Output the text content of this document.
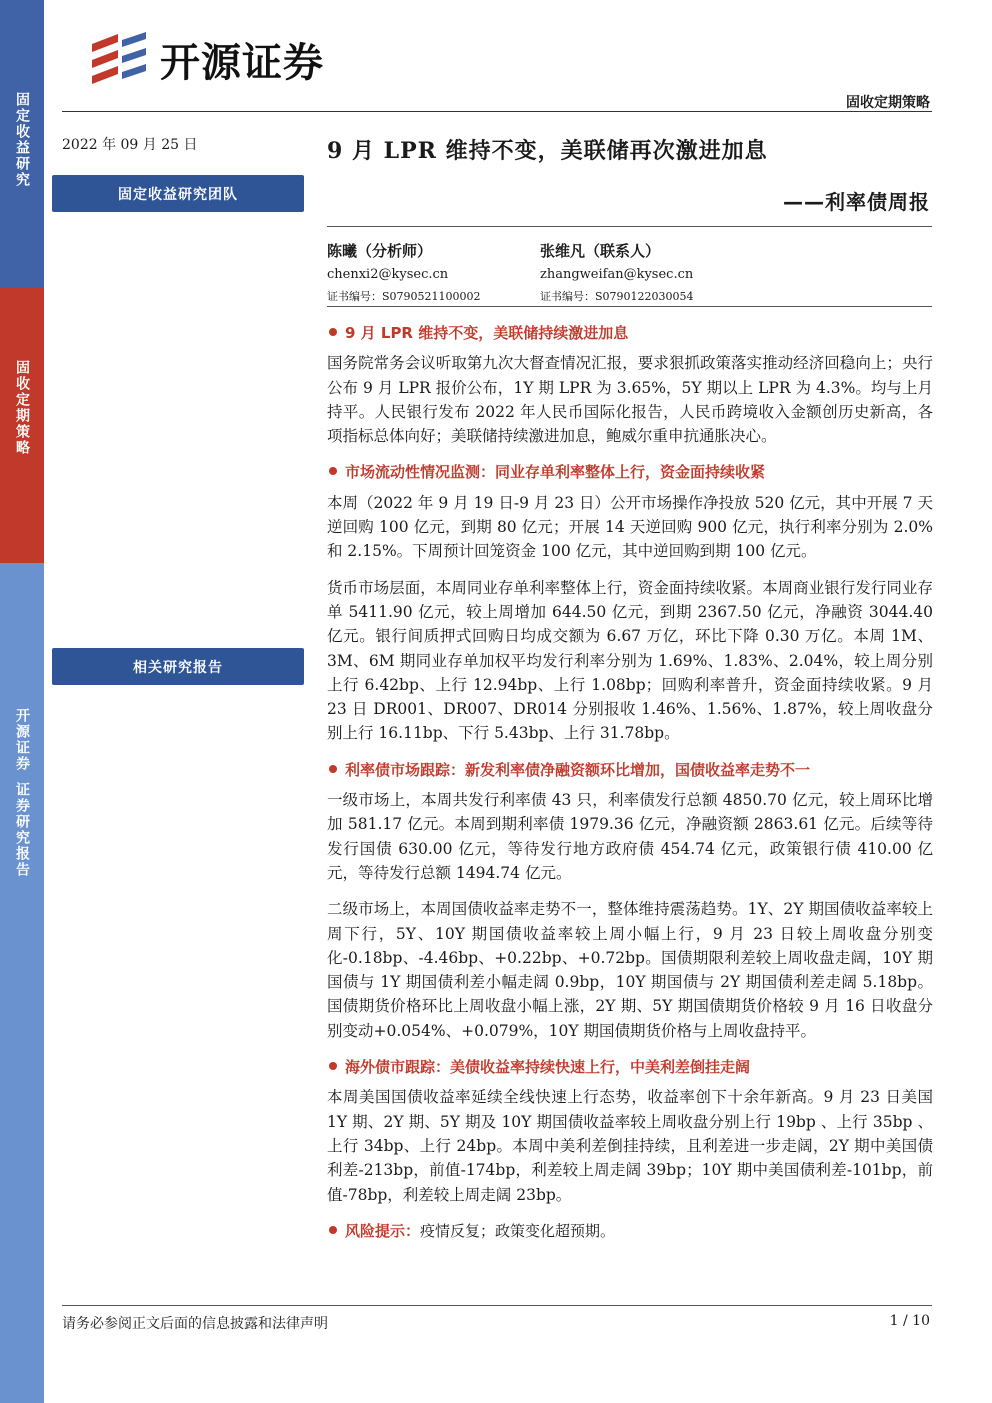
固定收益研究
固收定期策略
开源证券证券研究报告
开源证券
固收定期策略
2022 年 09 月 25 日
固定收益研究团队
相关研究报告
9 月 LPR 维持不变，美联储再次激进加息
——利率债周报
陈曦（分析师）
chenxi2@kysec.cn
证书编号：S0790521100002
张维凡（联系人）
zhangweifan@kysec.cn
证书编号：S0790122030054
9 月 LPR 维持不变，美联储持续激进加息

国务院常务会议听取第九次大督查情况汇报，要求狠抓政策落实推动经济回稳向上；央行公布 9 月 LPR 报价公布，1Y 期 LPR 为 3.65%，5Y 期以上 LPR 为 4.3%。均与上月持平。人民银行发布 2022 年人民币国际化报告，人民币跨境收入金额创历史新高，各项指标总体向好；美联储持续激进加息，鲍威尔重申抗通胀决心。

市场流动性情况监测：同业存单利率整体上行，资金面持续收紧

本周（2022 年 9 月 19 日-9 月 23 日）公开市场操作净投放 520 亿元，其中开展 7 天逆回购 100 亿元，到期 80 亿元；开展 14 天逆回购 900 亿元，执行利率分别为 2.0%和 2.15%。下周预计回笼资金 100 亿元，其中逆回购到期 100 亿元。

货币市场层面，本周同业存单利率整体上行，资金面持续收紧。本周商业银行发行同业存单 5411.90 亿元，较上周增加 644.50 亿元，到期 2367.50 亿元，净融资 3044.40 亿元。银行间质押式回购日均成交额为 6.67 万亿，环比下降 0.30 万亿。本周 1M、3M、6M 期同业存单加权平均发行利率分别为 1.69%、1.83%、2.04%，较上周分别上行 6.42bp、上行 12.94bp、上行 1.08bp；回购利率普升，资金面持续收紧。9 月 23 日 DR001、DR007、DR014 分别报收 1.46%、1.56%、1.87%，较上周收盘分别上行 16.11bp、下行 5.43bp、上行 31.78bp。

利率债市场跟踪：新发利率债净融资额环比增加，国债收益率走势不一

一级市场上，本周共发行利率债 43 只，利率债发行总额 4850.70 亿元，较上周环比增加 581.17 亿元。本周到期利率债 1979.36 亿元，净融资额 2863.61 亿元。后续等待发行国债 630.00 亿元，等待发行地方政府债 454.74 亿元，政策银行债 410.00 亿元，等待发行总额 1494.74 亿元。

二级市场上，本周国债收益率走势不一，整体维持震荡趋势。1Y、2Y 期国债收益率较上周下行，5Y、10Y 期国债收益率较上周小幅上行，9 月 23 日较上周收盘分别变化-0.18bp、-4.46bp、+0.22bp、+0.72bp。国债期限利差较上周收盘走阔，10Y 期国债与 1Y 期国债利差小幅走阔 0.9bp，10Y 期国债与 2Y 期国债利差走阔 5.18bp。国债期货价格环比上周收盘小幅上涨，2Y 期、5Y 期国债期货价格较 9 月 16 日收盘分别变动+0.054%、+0.079%，10Y 期国债期货价格与上周收盘持平。

海外债市跟踪：美债收益率持续快速上行，中美利差倒挂走阔

本周美国国债收益率延续全线快速上行态势，收益率创下十余年新高。9 月 23 日美国 1Y 期、2Y 期、5Y 期及 10Y 期国债收益率较上周收盘分别上行 19bp 、上行 35bp 、上行 34bp、上行 24bp。本周中美利差倒挂持续，且利差进一步走阔，2Y 期中美国债利差-213bp，前值-174bp，利差较上周走阔 39bp；10Y 期中美国债利差-101bp，前值-78bp，利差较上周走阔 23bp。

风险提示：疫情反复；政策变化超预期。
请务必参阅正文后面的信息披露和法律声明	1 / 10
